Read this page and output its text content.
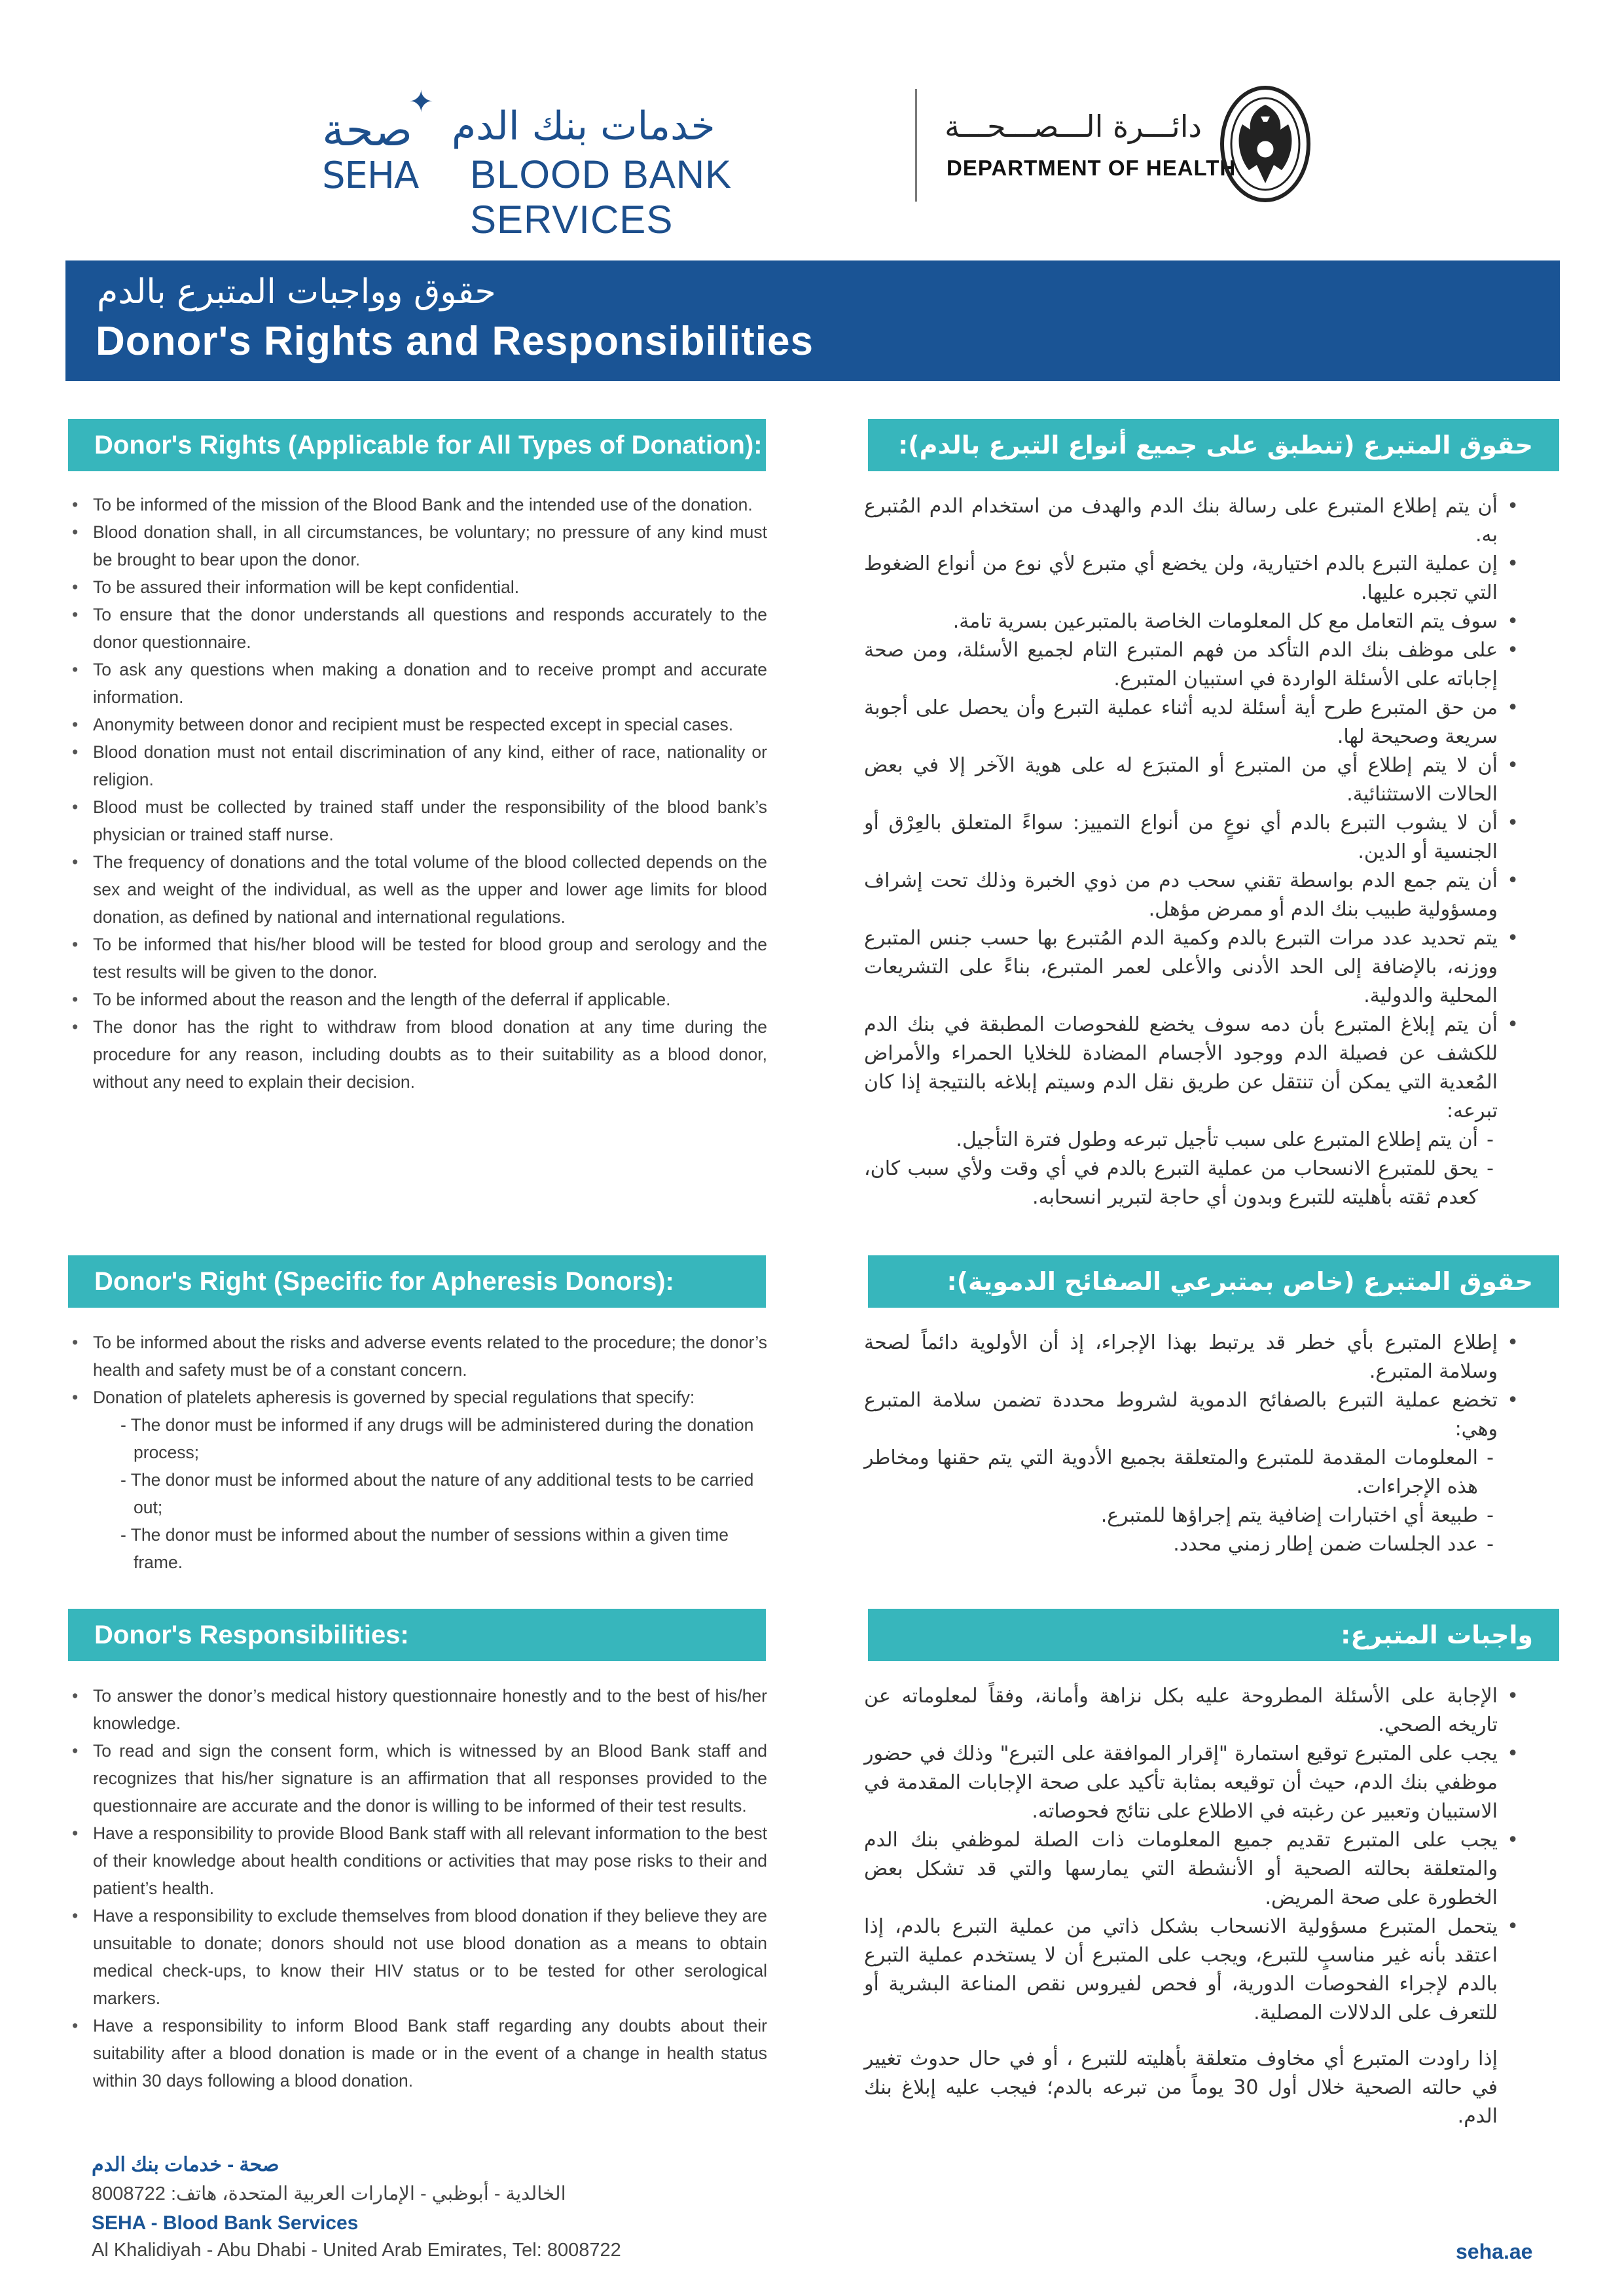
صحة
✦
خدمات بنك الدم
SEHA BLOOD BANK SERVICES
دائـــرة الـــصـــحـــة
DEPARTMENT OF HEALTH
حقوق وواجبات المتبرع بالدم
Donor's Rights and Responsibilities
Donor's Rights (Applicable for All Types of Donation):	حقوق المتبرع (تنطبق على جميع أنواع التبرع بالدم):
• To be informed of the mission of the Blood Bank and the intended use of the donation.
• Blood donation shall, in all circumstances, be voluntary; no pressure of any kind must be brought to bear upon the donor.
• To be assured their information will be kept confidential.
• To ensure that the donor understands all questions and responds accurately to the donor questionnaire.
• To ask any questions when making a donation and to receive prompt and accurate information.
• Anonymity between donor and recipient must be respected except in special cases.
• Blood donation must not entail discrimination of any kind, either of race, nationality or religion.
• Blood must be collected by trained staff under the responsibility of the blood bank’s physician or trained staff nurse.
• The frequency of donations and the total volume of the blood collected depends on the sex and weight of the individual, as well as the upper and lower age limits for blood donation, as defined by national and international regulations.
• To be informed that his/her blood will be tested for blood group and serology and the test results will be given to the donor.
• To be informed about the reason and the length of the deferral if applicable.
• The donor has the right to withdraw from blood donation at any time during the procedure for any reason, including doubts as to their suitability as a blood donor, without any need to explain their decision.
• أن يتم إطلاع المتبرع على رسالة بنك الدم والهدف من استخدام الدم المُتبرع به.
• إن عملية التبرع بالدم اختيارية، ولن يخضع أي متبرع لأي نوع من أنواع الضغوط التي تجبره عليها.
• سوف يتم التعامل مع كل المعلومات الخاصة بالمتبرعين بسرية تامة.
• على موظف بنك الدم التأكد من فهم المتبرع التام لجميع الأسئلة، ومن صحة إجاباته على الأسئلة الواردة في استبيان المتبرع.
• من حق المتبرع طرح أية أسئلة لديه أثناء عملية التبرع وأن يحصل على أجوبة سريعة وصحيحة لها.
• أن لا يتم إطلاع أي من المتبرع أو المتبرَع له على هوية الآخر إلا في بعض الحالات الاستثنائية.
• أن لا يشوب التبرع بالدم أي نوعٍ من أنواع التمييز: سواءً المتعلق بالعِرْق أو الجنسية أو الدين.
• أن يتم جمع الدم بواسطة تقني سحب دم من ذوي الخبرة وذلك تحت إشراف ومسؤولية طبيب بنك الدم أو ممرض مؤهل.
• يتم تحديد عدد مرات التبرع بالدم وكمية الدم المُتبرع بها حسب جنس المتبرع ووزنه، بالإضافة إلى الحد الأدنى والأعلى لعمر المتبرع، بناءً على التشريعات المحلية والدولية.
• أن يتم إبلاغ المتبرع بأن دمه سوف يخضع للفحوصات المطبقة في بنك الدم للكشف عن فصيلة الدم ووجود الأجسام المضادة للخلايا الحمراء والأمراض المُعدية التي يمكن أن تنتقل عن طريق نقل الدم وسيتم إبلاغه بالنتيجة إذا كان تبرعه:
- أن يتم إطلاع المتبرع على سبب تأجيل تبرعه وطول فترة التأجيل.
- يحق للمتبرع الانسحاب من عملية التبرع بالدم في أي وقت ولأي سبب كان، كعدم ثقته بأهليته للتبرع وبدون أي حاجة لتبرير انسحابه.
Donor's Right (Specific for Apheresis Donors):	حقوق المتبرع (خاص بمتبرعي الصفائح الدموية):
• To be informed about the risks and adverse events related to the procedure; the donor’s health and safety must be of a constant concern.
• Donation of platelets apheresis is governed by special regulations that specify:
- The donor must be informed if any drugs will be administered during the donation process;
- The donor must be informed about the nature of any additional tests to be carried out;
- The donor must be informed about the number of sessions within a given time frame.
• إطلاع المتبرع بأي خطر قد يرتبط بهذا الإجراء، إذ أن الأولوية دائماً لصحة وسلامة المتبرع.
• تخضع عملية التبرع بالصفائح الدموية لشروط محددة تضمن سلامة المتبرع وهي:
- المعلومات المقدمة للمتبرع والمتعلقة بجميع الأدوية التي يتم حقنها ومخاطر هذه الإجراءات.
- طبيعة أي اختبارات إضافية يتم إجراؤها للمتبرع.
- عدد الجلسات ضمن إطار زمني محدد.
Donor's Responsibilities:	واجبات المتبرع:
• To answer the donor’s medical history questionnaire honestly and to the best of his/her knowledge.
• To read and sign the consent form, which is witnessed by an Blood Bank staff and recognizes that his/her signature is an affirmation that all responses provided to the questionnaire are accurate and the donor is willing to be informed of their test results.
• Have a responsibility to provide Blood Bank staff with all relevant information to the best of their knowledge about health conditions or activities that may pose risks to their and patient’s health.
• Have a responsibility to exclude themselves from blood donation if they believe they are unsuitable to donate; donors should not use blood donation as a means to obtain medical check-ups, to know their HIV status or to be tested for other serological markers.
• Have a responsibility to inform Blood Bank staff regarding any doubts about their suitability after a blood donation is made or in the event of a change in health status within 30 days following a blood donation.
• الإجابة على الأسئلة المطروحة عليه بكل نزاهة وأمانة، وفقاً لمعلوماته عن تاريخه الصحي.
• يجب على المتبرع توقيع استمارة "إقرار الموافقة على التبرع" وذلك في حضور موظفي بنك الدم، حيث أن توقيعه بمثابة تأكيد على صحة الإجابات المقدمة في الاستبيان وتعبير عن رغبته في الاطلاع على نتائج فحوصاته.
• يجب على المتبرع تقديم جميع المعلومات ذات الصلة لموظفي بنك الدم والمتعلقة بحالته الصحية أو الأنشطة التي يمارسها والتي قد تشكل بعض الخطورة على صحة المريض.
• يتحمل المتبرع مسؤولية الانسحاب بشكل ذاتي من عملية التبرع بالدم، إذا اعتقد بأنه غير مناسبٍ للتبرع، ويجب على المتبرع أن لا يستخدم عملية التبرع بالدم لإجراء الفحوصات الدورية، أو فحص لفيروس نقص المناعة البشرية أو للتعرف على الدلالات المصلية.
إذا راودت المتبرع أي مخاوف متعلقة بأهليته للتبرع ، أو في حال حدوث تغيير في حالته الصحية خلال أول 30 يوماً من تبرعه بالدم؛ فيجب عليه إبلاغ بنك الدم.
صحة - خدمات بنك الدم
الخالدية - أبوظبي - الإمارات العربية المتحدة، هاتف: 8008722
SEHA - Blood Bank Services
Al Khalidiyah - Abu Dhabi - United Arab Emirates, Tel: 8008722	seha.ae
